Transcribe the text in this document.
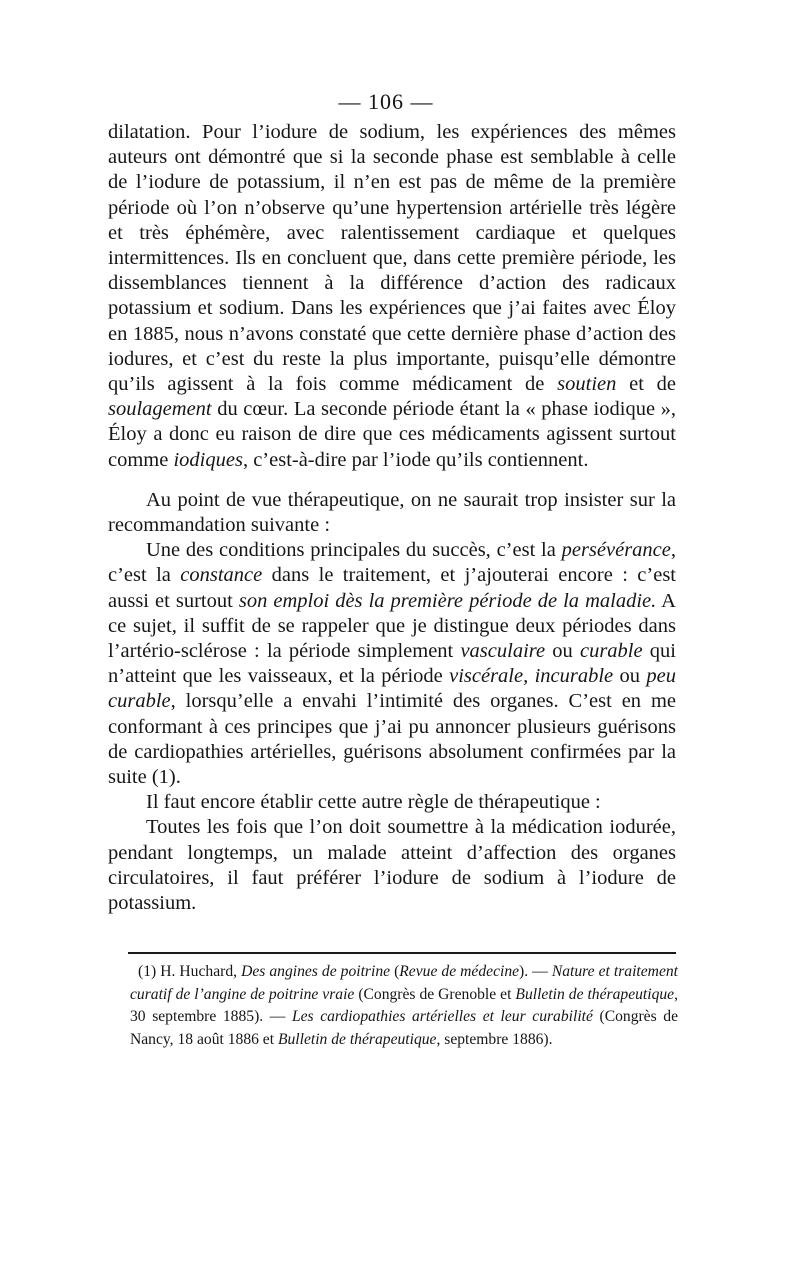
— 106 —

dilatation. Pour l’iodure de sodium, les expériences des mêmes auteurs ont démontré que si la seconde phase est semblable à celle de l’iodure de potassium, il n’en est pas de même de la première période où l’on n’observe qu’une hypertension artérielle très légère et très éphémère, avec ralentissement cardiaque et quelques intermittences. Ils en concluent que, dans cette première période, les dissemblances tiennent à la différence d’action des radicaux potassium et sodium. Dans les expériences que j’ai faites avec Éloy en 1885, nous n’avons constaté que cette dernière phase d’action des iodures, et c’est du reste la plus importante, puisqu’elle démontre qu’ils agissent à la fois comme médicament de soutien et de soulagement du cœur. La seconde période étant la « phase iodique », Éloy a donc eu raison de dire que ces médicaments agissent surtout comme iodiques, c’est-à-dire par l’iode qu’ils contiennent.

Au point de vue thérapeutique, on ne saurait trop insister sur la recommandation suivante :

Une des conditions principales du succès, c’est la persévérance, c’est la constance dans le traitement, et j’ajouterai encore : c’est aussi et surtout son emploi dès la première période de la maladie. A ce sujet, il suffit de se rappeler que je distingue deux périodes dans l’artério-sclérose : la période simplement vasculaire ou curable qui n’atteint que les vaisseaux, et la période viscérale, incurable ou peu curable, lorsqu’elle a envahi l’intimité des organes. C’est en me conformant à ces principes que j’ai pu annoncer plusieurs guérisons de cardiopathies artérielles, guérisons absolument confirmées par la suite (1).

Il faut encore établir cette autre règle de thérapeutique :

Toutes les fois que l’on doit soumettre à la médication iodurée, pendant longtemps, un malade atteint d’affection des organes circulatoires, il faut préférer l’iodure de sodium à l’iodure de potassium.

(1) H. Huchard, Des angines de poitrine (Revue de médecine). — Nature et traitement curatif de l’angine de poitrine vraie (Congrès de Grenoble et Bulletin de thérapeutique, 30 septembre 1885). — Les cardiopathies artérielles et leur curabilité (Congrès de Nancy, 18 août 1886 et Bulletin de thérapeutique, septembre 1886).
